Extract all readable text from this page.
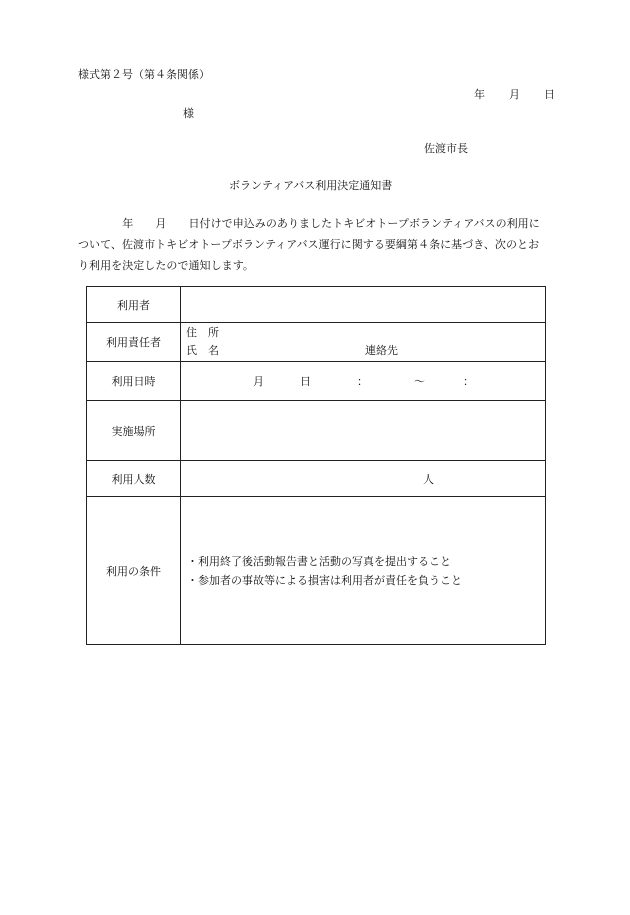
様式第２号（第４条関係）
年 月 日
様
佐渡市長
ボランティアバス利用決定通知書
　　　　年　　月　　日付けで申込みのありましたトキビオトープボランティアバスの利用について、佐渡市トキビオトープボランティアバス運行に関する要綱第４条に基づき、次のとおり利用を決定したので通知します。
利用者	
利用責任者	住　所
氏　名 連絡先

利用日時	月 日 ： 〜 ：

実施場所	
利用人数	人

利用の条件	・利用終了後活動報告書と活動の写真を提出すること
・参加者の事故等による損害は利用者が責任を負うこと
